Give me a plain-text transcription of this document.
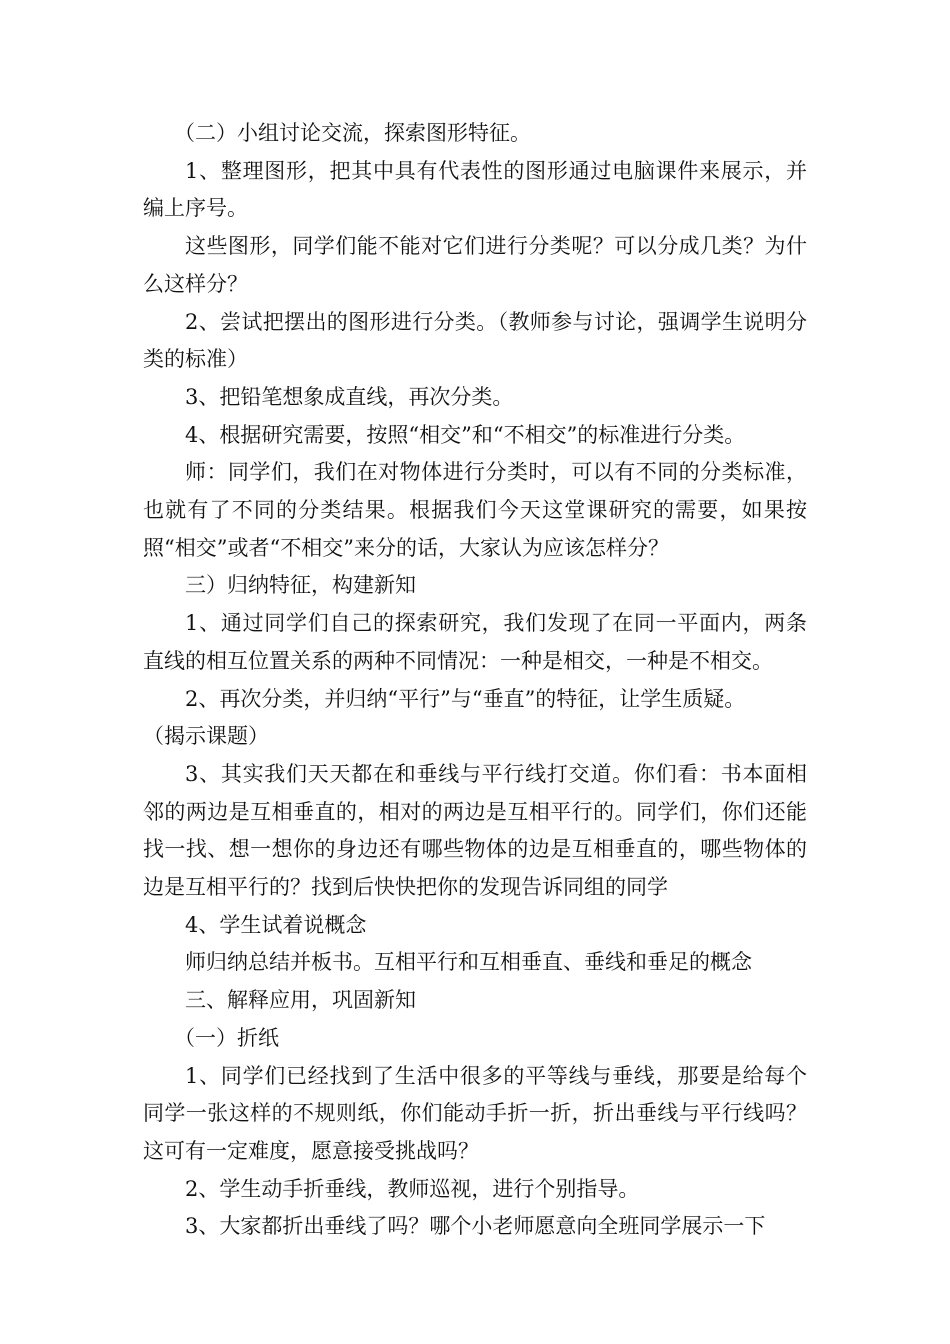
（二）小组讨论交流，探索图形特征。

1、整理图形，把其中具有代表性的图形通过电脑课件来展示，并编上序号。

这些图形，同学们能不能对它们进行分类呢？可以分成几类？为什么这样分？

2、尝试把摆出的图形进行分类。（教师参与讨论，强调学生说明分类的标准）

3、把铅笔想象成直线，再次分类。

4、根据研究需要，按照“相交”和“不相交”的标准进行分类。

师：同学们，我们在对物体进行分类时，可以有不同的分类标准，也就有了不同的分类结果。根据我们今天这堂课研究的需要，如果按照“相交”或者“不相交”来分的话，大家认为应该怎样分？

三）归纳特征，构建新知

1、通过同学们自己的探索研究，我们发现了在同一平面内，两条直线的相互位置关系的两种不同情况：一种是相交，一种是不相交。

2、再次分类，并归纳“平行”与“垂直”的特征，让学生质疑。

（揭示课题）

3、其实我们天天都在和垂线与平行线打交道。你们看：书本面相邻的两边是互相垂直的，相对的两边是互相平行的。同学们，你们还能找一找、想一想你的身边还有哪些物体的边是互相垂直的，哪些物体的边是互相平行的？找到后快快把你的发现告诉同组的同学

4、学生试着说概念

师归纳总结并板书。互相平行和互相垂直、垂线和垂足的概念

三、解释应用，巩固新知

（一）折纸

1、同学们已经找到了生活中很多的平等线与垂线，那要是给每个同学一张这样的不规则纸，你们能动手折一折，折出垂线与平行线吗？这可有一定难度，愿意接受挑战吗？

2、学生动手折垂线，教师巡视，进行个别指导。

3、大家都折出垂线了吗？哪个小老师愿意向全班同学展示一下
